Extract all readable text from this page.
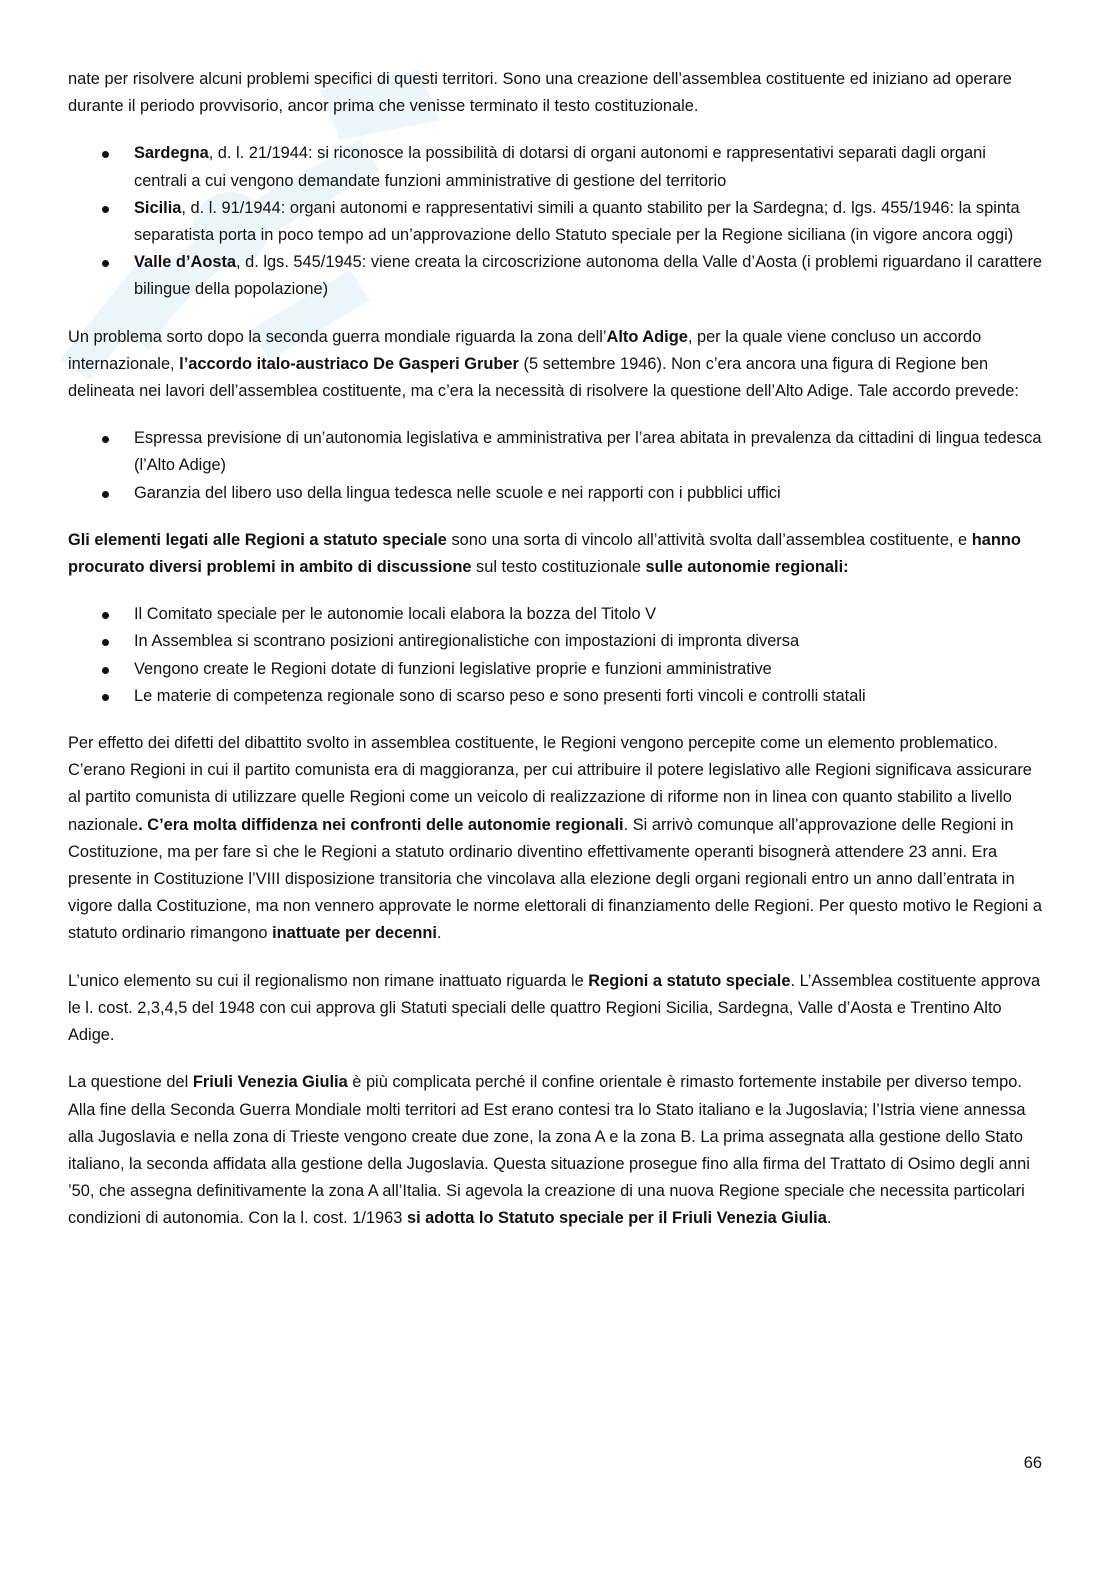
nate per risolvere alcuni problemi specifici di questi territori. Sono una creazione dell’assemblea costituente ed iniziano ad operare durante il periodo provvisorio, ancor prima che venisse terminato il testo costituzionale.

Sardegna, d. l. 21/1944: si riconosce la possibilità di dotarsi di organi autonomi e rappresentativi separati dagli organi centrali a cui vengono demandate funzioni amministrative di gestione del territorio
Sicilia, d. l. 91/1944: organi autonomi e rappresentativi simili a quanto stabilito per la Sardegna; d. lgs. 455/1946: la spinta separatista porta in poco tempo ad un’approvazione dello Statuto speciale per la Regione siciliana (in vigore ancora oggi)
Valle d’Aosta, d. lgs. 545/1945: viene creata la circoscrizione autonoma della Valle d’Aosta (i problemi riguardano il carattere bilingue della popolazione)

Un problema sorto dopo la seconda guerra mondiale riguarda la zona dell’Alto Adige, per la quale viene concluso un accordo internazionale, l’accordo italo-austriaco De Gasperi Gruber (5 settembre 1946). Non c’era ancora una figura di Regione ben delineata nei lavori dell’assemblea costituente, ma c’era la necessità di risolvere la questione dell’Alto Adige. Tale accordo prevede:

Espressa previsione di un’autonomia legislativa e amministrativa per l’area abitata in prevalenza da cittadini di lingua tedesca (l’Alto Adige)
Garanzia del libero uso della lingua tedesca nelle scuole e nei rapporti con i pubblici uffici

Gli elementi legati alle Regioni a statuto speciale sono una sorta di vincolo all’attività svolta dall’assemblea costituente, e hanno procurato diversi problemi in ambito di discussione sul testo costituzionale sulle autonomie regionali:

Il Comitato speciale per le autonomie locali elabora la bozza del Titolo V
In Assemblea si scontrano posizioni antiregionalistiche con impostazioni di impronta diversa
Vengono create le Regioni dotate di funzioni legislative proprie e funzioni amministrative
Le materie di competenza regionale sono di scarso peso e sono presenti forti vincoli e controlli statali

Per effetto dei difetti del dibattito svolto in assemblea costituente, le Regioni vengono percepite come un elemento problematico. C’erano Regioni in cui il partito comunista era di maggioranza, per cui attribuire il potere legislativo alle Regioni significava assicurare al partito comunista di utilizzare quelle Regioni come un veicolo di realizzazione di riforme non in linea con quanto stabilito a livello nazionale. C’era molta diffidenza nei confronti delle autonomie regionali. Si arrivò comunque all’approvazione delle Regioni in Costituzione, ma per fare sì che le Regioni a statuto ordinario diventino effettivamente operanti bisognerà attendere 23 anni. Era presente in Costituzione l’VIII disposizione transitoria che vincolava alla elezione degli organi regionali entro un anno dall’entrata in vigore dalla Costituzione, ma non vennero approvate le norme elettorali di finanziamento delle Regioni. Per questo motivo le Regioni a statuto ordinario rimangono inattuate per decenni.

L’unico elemento su cui il regionalismo non rimane inattuato riguarda le Regioni a statuto speciale. L’Assemblea costituente approva le l. cost. 2,3,4,5 del 1948 con cui approva gli Statuti speciali delle quattro Regioni Sicilia, Sardegna, Valle d’Aosta e Trentino Alto Adige.

La questione del Friuli Venezia Giulia è più complicata perché il confine orientale è rimasto fortemente instabile per diverso tempo. Alla fine della Seconda Guerra Mondiale molti territori ad Est erano contesi tra lo Stato italiano e la Jugoslavia; l’Istria viene annessa alla Jugoslavia e nella zona di Trieste vengono create due zone, la zona A e la zona B. La prima assegnata alla gestione dello Stato italiano, la seconda affidata alla gestione della Jugoslavia. Questa situazione prosegue fino alla firma del Trattato di Osimo degli anni ’50, che assegna definitivamente la zona A all’Italia. Si agevola la creazione di una nuova Regione speciale che necessita particolari condizioni di autonomia. Con la l. cost. 1/1963 si adotta lo Statuto speciale per il Friuli Venezia Giulia.

66
